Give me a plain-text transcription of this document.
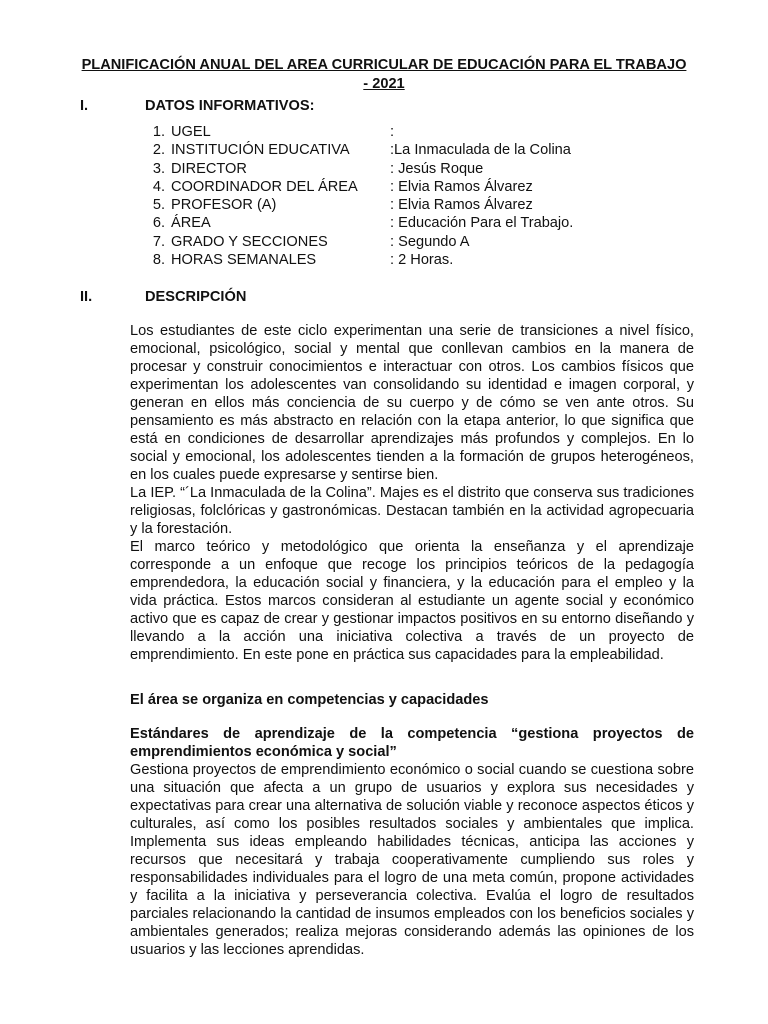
PLANIFICACIÓN ANUAL DEL AREA CURRICULAR DE EDUCACIÓN PARA EL TRABAJO - 2021
I.	DATOS INFORMATIVOS:
1. UGEL	:
2. INSTITUCIÓN EDUCATIVA	:La Inmaculada de la Colina
3. DIRECTOR	: Jesús Roque
4. COORDINADOR DEL ÁREA : Elvia Ramos Álvarez
5. PROFESOR (A)	: Elvia Ramos Álvarez
6. ÁREA	: Educación Para el Trabajo.
7. GRADO Y SECCIONES	: Segundo A
8. HORAS SEMANALES	: 2 Horas.
II.	DESCRIPCIÓN

Los estudiantes de este ciclo experimentan una serie de transiciones a nivel físico, emocional, psicológico, social y mental que conllevan cambios en la manera de procesar y construir conocimientos e interactuar con otros. Los cambios físicos que experimentan los adolescentes van consolidando su identidad e imagen corporal, y generan en ellos más conciencia de su cuerpo y de cómo se ven ante otros. Su pensamiento es más abstracto en relación con la etapa anterior, lo que significa que está en condiciones de desarrollar aprendizajes más profundos y complejos. En lo social y emocional, los adolescentes tienden a la formación de grupos heterogéneos, en los cuales puede expresarse y sentirse bien.

La IEP. “´La Inmaculada de la Colina”. Majes es el distrito que conserva sus tradiciones religiosas, folclóricas y gastronómicas. Destacan también en la actividad agropecuaria y la forestación.

El marco teórico y metodológico que orienta la enseñanza y el aprendizaje corresponde a un enfoque que recoge los principios teóricos de la pedagogía emprendedora, la educación social y financiera, y la educación para el empleo y la vida práctica. Estos marcos consideran al estudiante un agente social y económico activo que es capaz de crear y gestionar impactos positivos en su entorno diseñando y llevando a la acción una iniciativa colectiva a través de un proyecto de emprendimiento. En este pone en práctica sus capacidades para la empleabilidad.

El área se organiza en competencias y capacidades

Estándares de aprendizaje de la competencia “gestiona proyectos de emprendimientos económica y social”

Gestiona proyectos de emprendimiento económico o social cuando se cuestiona sobre una situación que afecta a un grupo de usuarios y explora sus necesidades y expectativas para crear una alternativa de solución viable y reconoce aspectos éticos y culturales, así como los posibles resultados sociales y ambientales que implica. Implementa sus ideas empleando habilidades técnicas, anticipa las acciones y recursos que necesitará y trabaja cooperativamente cumpliendo sus roles y responsabilidades individuales para el logro de una meta común, propone actividades y facilita a la iniciativa y perseverancia colectiva. Evalúa el logro de resultados parciales relacionando la cantidad de insumos empleados con los beneficios sociales y ambientales generados; realiza mejoras considerando además las opiniones de los usuarios y las lecciones aprendidas.
